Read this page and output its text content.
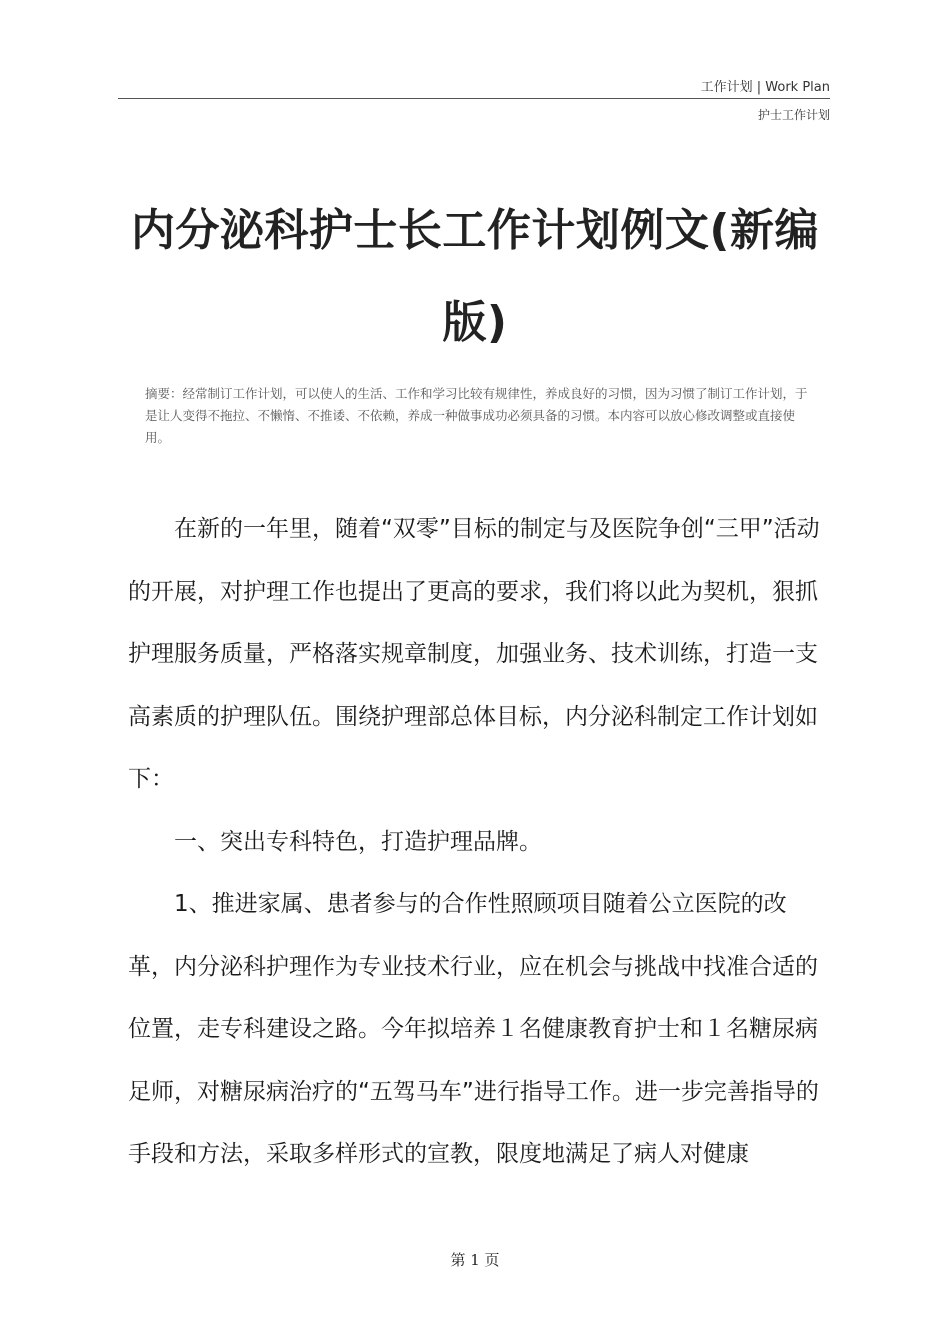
工作计划 | Work Plan
护士工作计划
内分泌科护士长工作计划例文(新编版)

摘要：经常制订工作计划，可以使人的生活、工作和学习比较有规律性，养成良好的习惯，因为习惯了制订工作计划，于是让人变得不拖拉、不懒惰、不推诿、不依赖，养成一种做事成功必须具备的习惯。本内容可以放心修改调整或直接使用。

在新的一年里，随着“双零”目标的制定与及医院争创“三甲”活动的开展，对护理工作也提出了更高的要求，我们将以此为契机，狠抓护理服务质量，严格落实规章制度，加强业务、技术训练，打造一支高素质的护理队伍。围绕护理部总体目标，内分泌科制定工作计划如下：

一、突出专科特色，打造护理品牌。

1、推进家属、患者参与的合作性照顾项目随着公立医院的改革，内分泌科护理作为专业技术行业，应在机会与挑战中找准合适的位置，走专科建设之路。今年拟培养１名健康教育护士和１名糖尿病足师，对糖尿病治疗的“五驾马车”进行指导工作。进一步完善指导的手段和方法，采取多样形式的宣教，限度地满足了病人对健康

第 1 页
